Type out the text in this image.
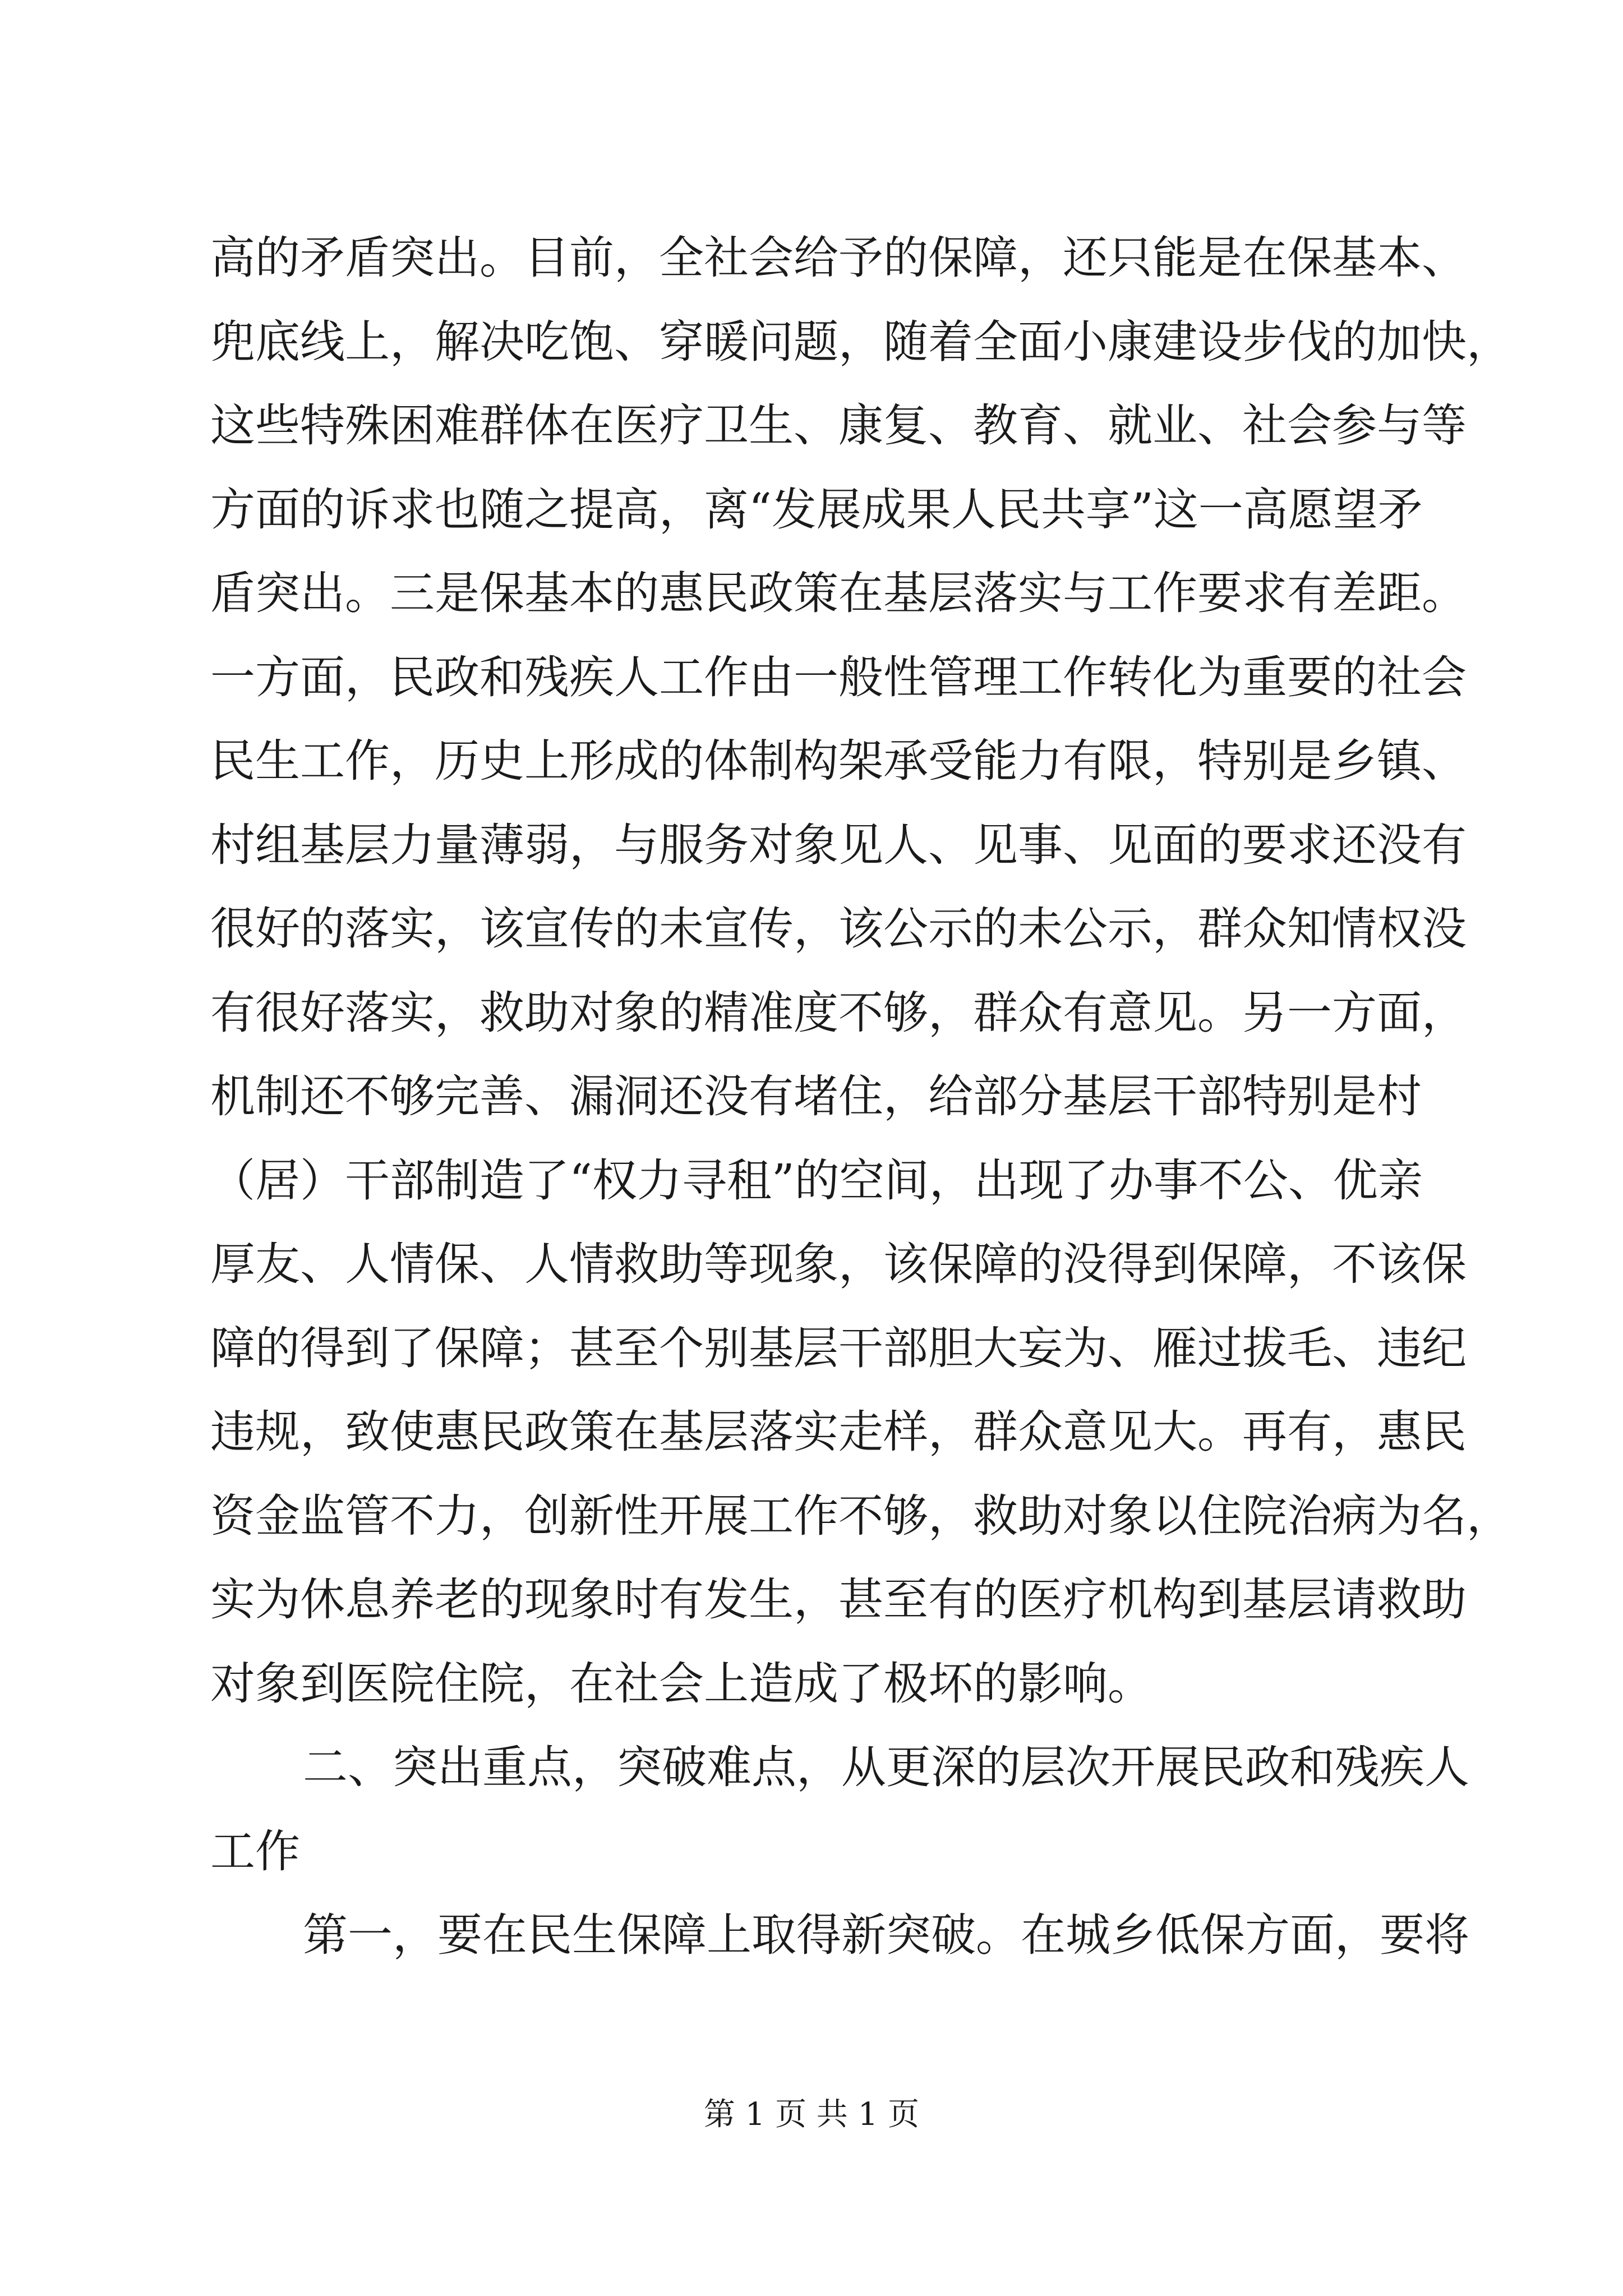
高的矛盾突出。目前，全社会给予的保障，还只能是在保基本、
兜底线上，解决吃饱、穿暖问题，随着全面小康建设步伐的加快，
这些特殊困难群体在医疗卫生、康复、教育、就业、社会参与等
方面的诉求也随之提高，离“发展成果人民共享”这一高愿望矛
盾突出。三是保基本的惠民政策在基层落实与工作要求有差距。
一方面，民政和残疾人工作由一般性管理工作转化为重要的社会
民生工作，历史上形成的体制构架承受能力有限，特别是乡镇、
村组基层力量薄弱，与服务对象见人、见事、见面的要求还没有
很好的落实，该宣传的未宣传，该公示的未公示，群众知情权没
有很好落实，救助对象的精准度不够，群众有意见。另一方面，
机制还不够完善、漏洞还没有堵住，给部分基层干部特别是村
（居）干部制造了“权力寻租”的空间，出现了办事不公、优亲
厚友、人情保、人情救助等现象，该保障的没得到保障，不该保
障的得到了保障；甚至个别基层干部胆大妄为、雁过拔毛、违纪
违规，致使惠民政策在基层落实走样，群众意见大。再有，惠民
资金监管不力，创新性开展工作不够，救助对象以住院治病为名，
实为休息养老的现象时有发生，甚至有的医疗机构到基层请救助
对象到医院住院，在社会上造成了极坏的影响。
二、突出重点，突破难点，从更深的层次开展民政和残疾人
工作
第一，要在民生保障上取得新突破。在城乡低保方面，要将
第 1 页 共 1 页
